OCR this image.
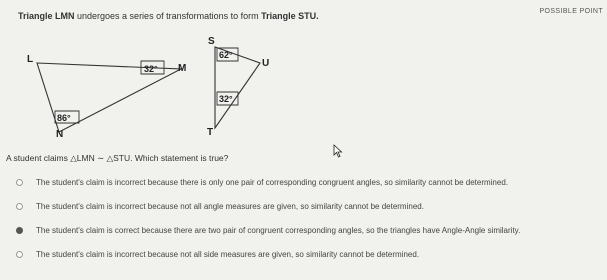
POSSIBLE POINT
Triangle LMN undergoes a series of transformations to form Triangle STU.
L
M
N
32°
86°
S
U
T
62°
32°
A student claims △LMN ∼ △STU. Which statement is true?
The student's claim is incorrect because there is only one pair of corresponding congruent angles, so similarity cannot be determined.
The student's claim is incorrect because not all angle measures are given, so similarity cannot be determined.
The student's claim is correct because there are two pair of congruent corresponding angles, so the triangles have Angle-Angle similarity.
The student's claim is incorrect because not all side measures are given, so similarity cannot be determined.
